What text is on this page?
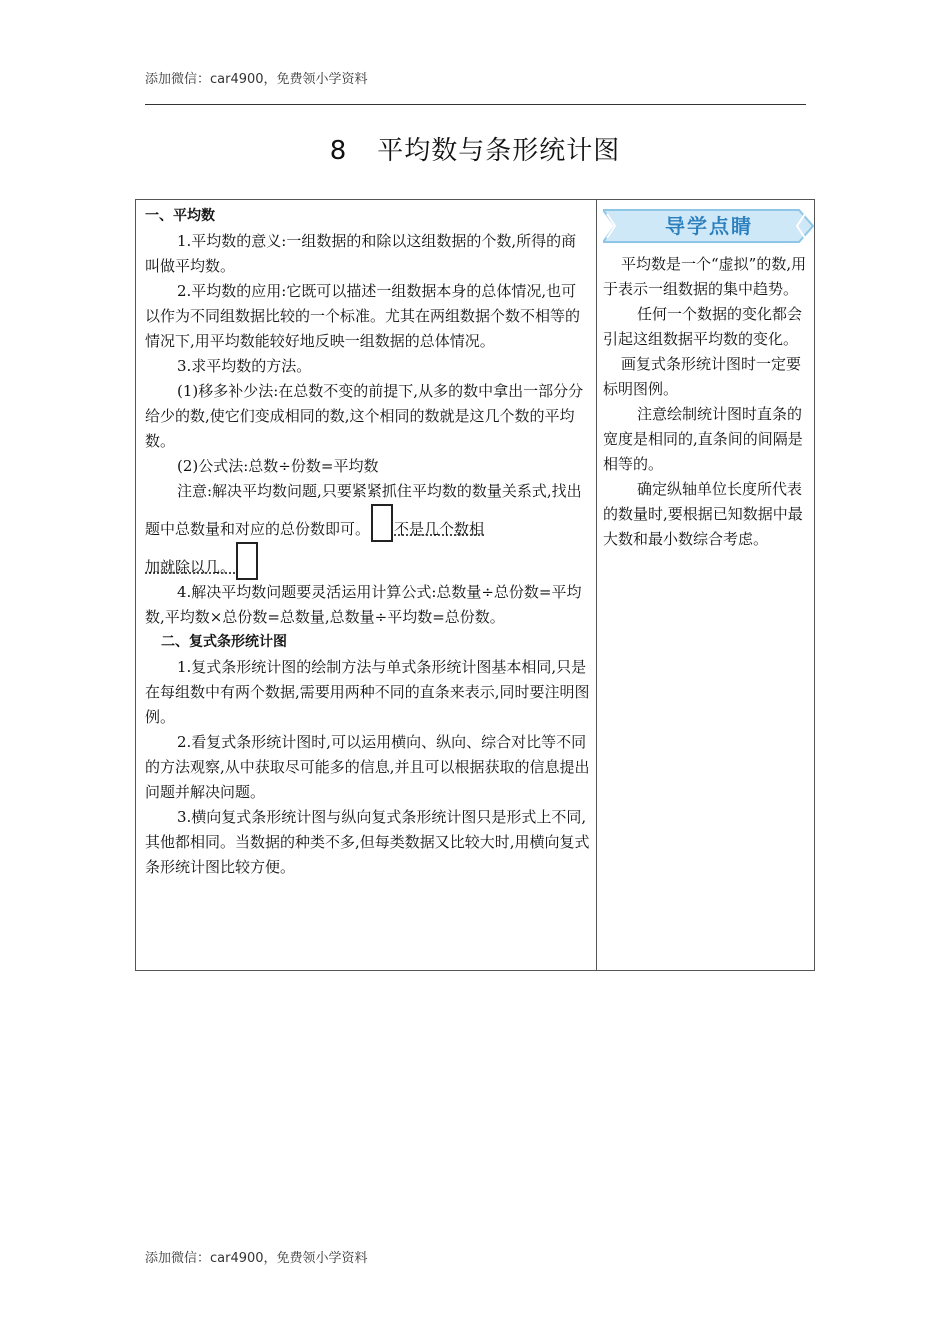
添加微信：car4900，免费领小学资料
8 平均数与条形统计图

一、平均数

1.平均数的意义:一组数据的和除以这组数据的个数,所得的商叫做平均数。

2.平均数的应用:它既可以描述一组数据本身的总体情况,也可以作为不同组数据比较的一个标准。尤其在两组数据个数不相等的情况下,用平均数能较好地反映一组数据的总体情况。

3.求平均数的方法。

(1)移多补少法:在总数不变的前提下,从多的数中拿出一部分分给少的数,使它们变成相同的数,这个相同的数就是这几个数的平均数。

(2)公式法:总数÷份数=平均数

注意:解决平均数问题,只要紧紧抓住平均数的数量关系式,找出题中总数量和对应的总份数即可。 不是几个数相

加就除以几。

4.解决平均数问题要灵活运用计算公式:总数量÷总份数=平均数,平均数×总份数=总数量,总数量÷平均数=总份数。

二、复式条形统计图

1.复式条形统计图的绘制方法与单式条形统计图基本相同,只是在每组数中有两个数据,需要用两种不同的直条来表示,同时要注明图例。

2.看复式条形统计图时,可以运用横向、纵向、综合对比等不同的方法观察,从中获取尽可能多的信息,并且可以根据获取的信息提出问题并解决问题。

3.横向复式条形统计图与纵向复式条形统计图只是形式上不同,其他都相同。当数据的种类不多,但每类数据又比较大时,用横向复式条形统计图比较方便。

导学点睛

平均数是一个“虚拟”的数,用于表示一组数据的集中趋势。

任何一个数据的变化都会引起这组数据平均数的变化。

画复式条形统计图时一定要标明图例。

注意绘制统计图时直条的宽度是相同的,直条间的间隔是相等的。

确定纵轴单位长度所代表的数量时,要根据已知数据中最大数和最小数综合考虑。

添加微信：car4900，免费领小学资料
